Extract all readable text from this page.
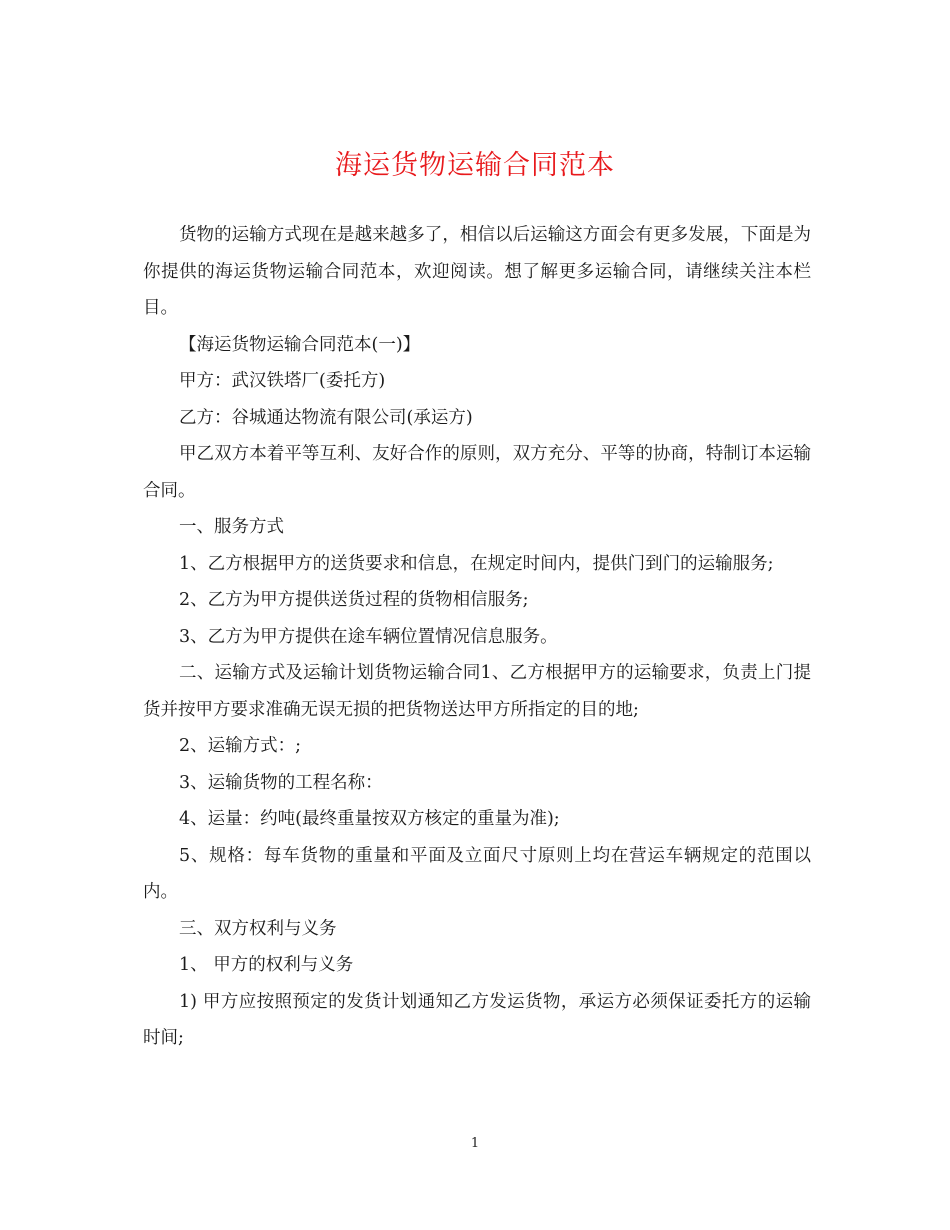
海运货物运输合同范本

货物的运输方式现在是越来越多了，相信以后运输这方面会有更多发展，下面是为你提供的海运货物运输合同范本，欢迎阅读。想了解更多运输合同，请继续关注本栏目。

【海运货物运输合同范本(一)】

甲方：武汉铁塔厂(委托方)

乙方：谷城通达物流有限公司(承运方)

甲乙双方本着平等互利、友好合作的原则，双方充分、平等的协商，特制订本运输合同。

一、服务方式

1、乙方根据甲方的送货要求和信息，在规定时间内，提供门到门的运输服务;

2、乙方为甲方提供送货过程的货物相信服务;

3、乙方为甲方提供在途车辆位置情况信息服务。

二、运输方式及运输计划货物运输合同1、乙方根据甲方的运输要求，负责上门提货并按甲方要求准确无误无损的把货物送达甲方所指定的目的地;

2、运输方式：;

3、运输货物的工程名称：

4、运量：约吨(最终重量按双方核定的重量为准);

5、规格：每车货物的重量和平面及立面尺寸原则上均在营运车辆规定的范围以内。

三、双方权利与义务

1、 甲方的权利与义务

1) 甲方应按照预定的发货计划通知乙方发运货物，承运方必须保证委托方的运输时间;

1
